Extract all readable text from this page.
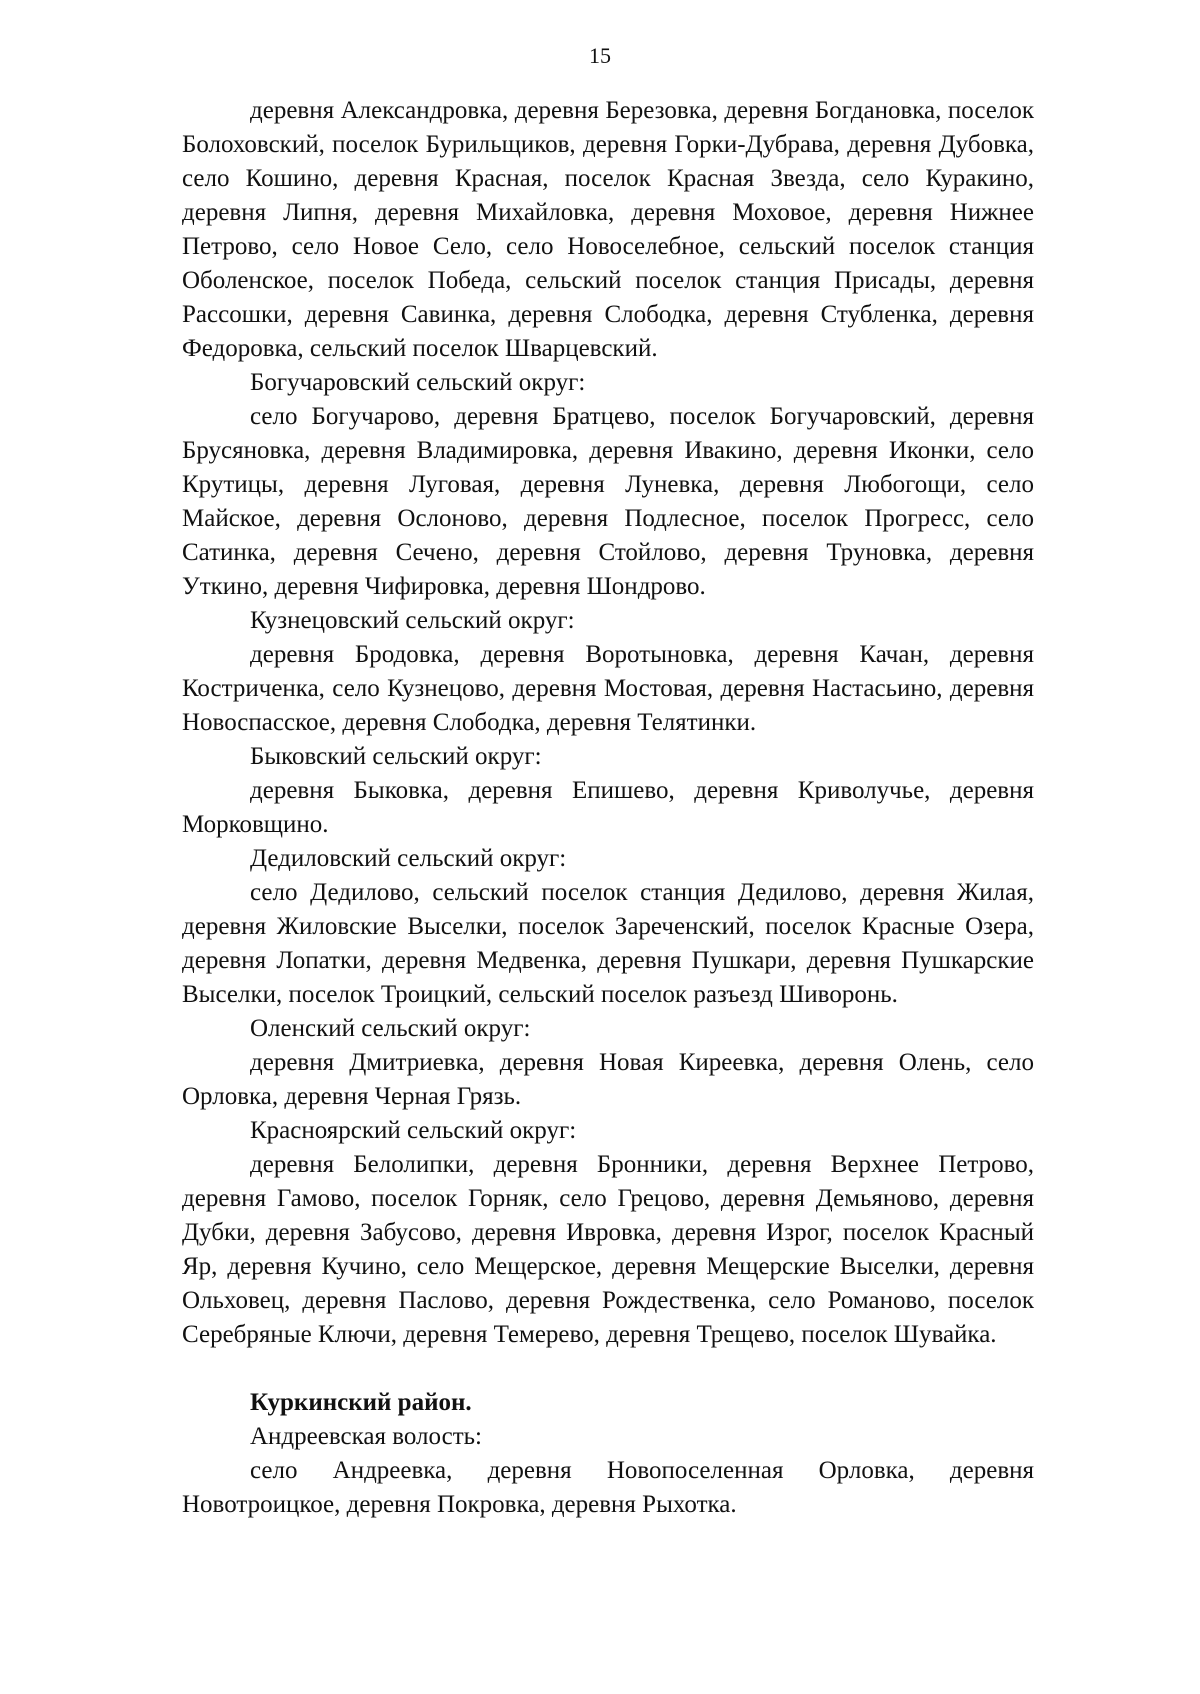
15

деревня Александровка, деревня Березовка, деревня Богдановка, поселок Болоховский, поселок Бурильщиков, деревня Горки-Дубрава, деревня Дубовка, село Кошино, деревня Красная, поселок Красная Звезда, село Куракино, деревня Липня, деревня Михайловка, деревня Моховое, деревня Нижнее Петрово, село Новое Село, село Новоселебное, сельский поселок станция Оболенское, поселок Победа, сельский поселок станция Присады, деревня Рассошки, деревня Савинка, деревня Слободка, деревня Стубленка, деревня Федоровка, сельский поселок Шварцевский.

Богучаровский сельский округ:

село Богучарово, деревня Братцево, поселок Богучаровский, деревня Брусяновка, деревня Владимировка, деревня Ивакино, деревня Иконки, село Крутицы, деревня Луговая, деревня Луневка, деревня Любогощи, село Майское, деревня Ослоново, деревня Подлесное, поселок Прогресс, село Сатинка, деревня Сечено, деревня Стойлово, деревня Труновка, деревня Уткино, деревня Чифировка, деревня Шондрово.

Кузнецовский сельский округ:

деревня Бродовка, деревня Воротыновка, деревня Качан, деревня Костриченка, село Кузнецово, деревня Мостовая, деревня Настасьино, деревня Новоспасское, деревня Слободка, деревня Телятинки.

Быковский сельский округ:

деревня Быковка, деревня Епишево, деревня Криволучье, деревня Морковщино.

Дедиловский сельский округ:

село Дедилово, сельский поселок станция Дедилово, деревня Жилая, деревня Жиловские Выселки, поселок Зареченский, поселок Красные Озера, деревня Лопатки, деревня Медвенка, деревня Пушкари, деревня Пушкарские Выселки, поселок Троицкий, сельский поселок разъезд Шиворонь.

Оленский сельский округ:

деревня Дмитриевка, деревня Новая Киреевка, деревня Олень, село Орловка, деревня Черная Грязь.

Красноярский сельский округ:

деревня Белолипки, деревня Бронники, деревня Верхнее Петрово, деревня Гамово, поселок Горняк, село Грецово, деревня Демьяново, деревня Дубки, деревня Забусово, деревня Ивровка, деревня Изрог, поселок Красный Яр, деревня Кучино, село Мещерское, деревня Мещерские Выселки, деревня Ольховец, деревня Паслово, деревня Рождественка, село Романово, поселок Серебряные Ключи, деревня Темерево, деревня Трещево, поселок Шувайка.

Куркинский район.

Андреевская волость:

село Андреевка, деревня Новопоселенная Орловка, деревня Новотроицкое, деревня Покровка, деревня Рыхотка.
